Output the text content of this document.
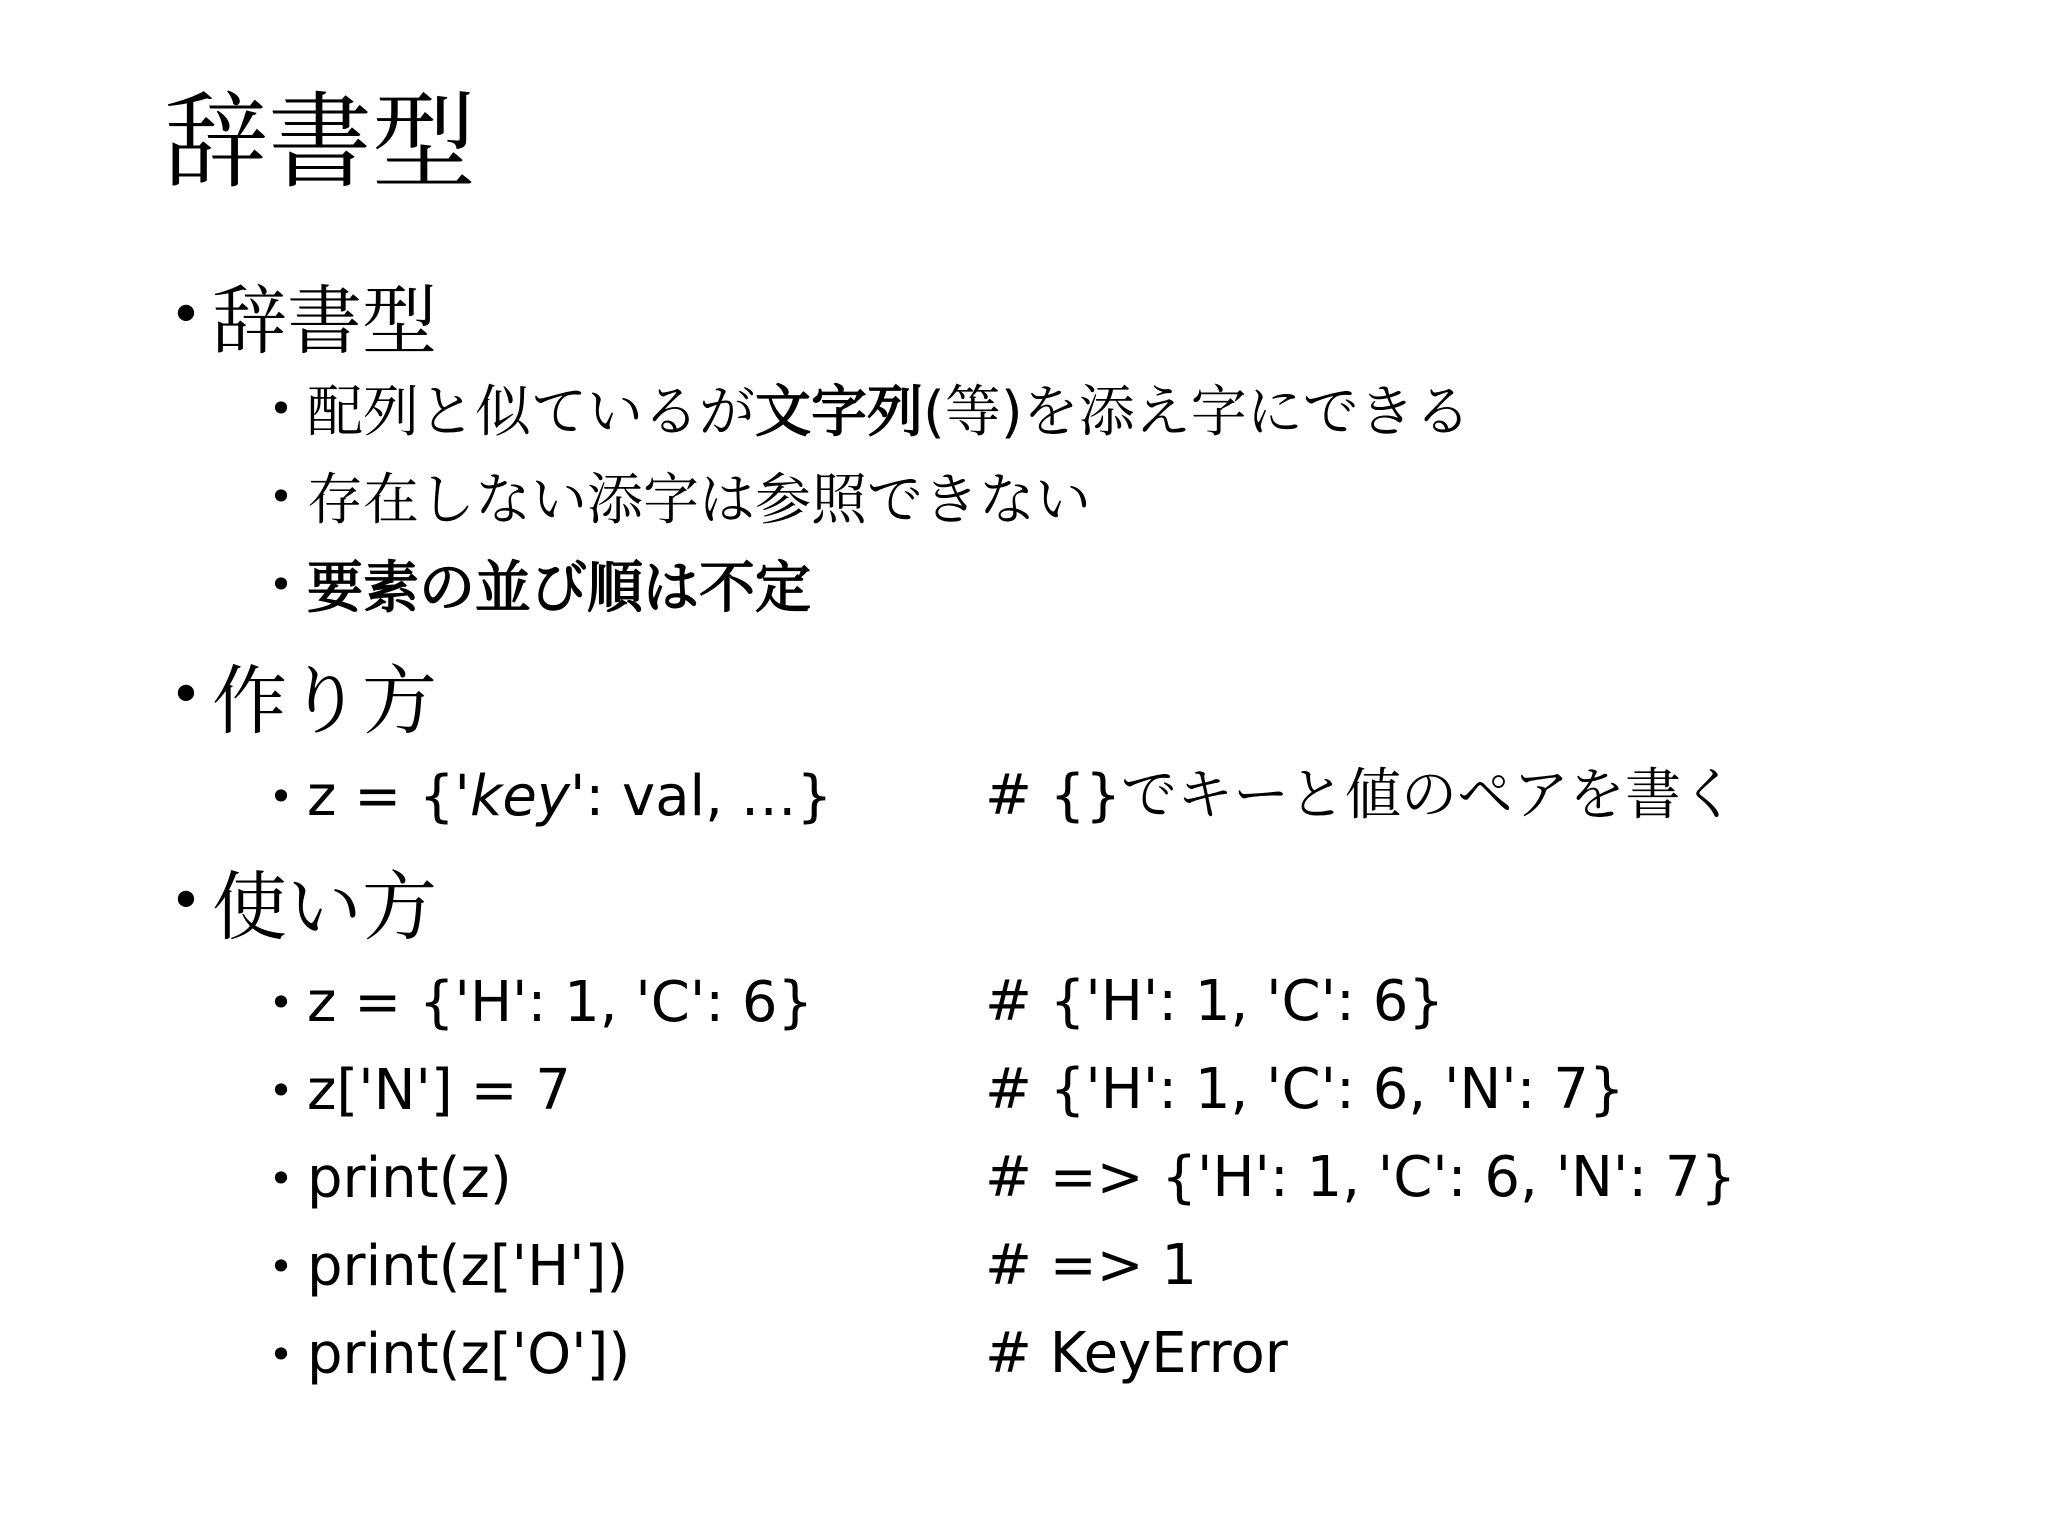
辞書型
• 辞書型
• 配列と似ているが文字列(等)を添え字にできる
• 存在しない添字は参照できない
• 要素の並び順は不定
• 作り方
• z = {'key': val, …}	# {}でキーと値のペアを書く
• 使い方
• z = {'H': 1, 'C': 6}	# {'H': 1, 'C': 6}
• z['N'] = 7	# {'H': 1, 'C': 6, 'N': 7}
• print(z)	# => {'H': 1, 'C': 6, 'N': 7}
• print(z['H'])	# => 1
• print(z['O'])	# KeyError
